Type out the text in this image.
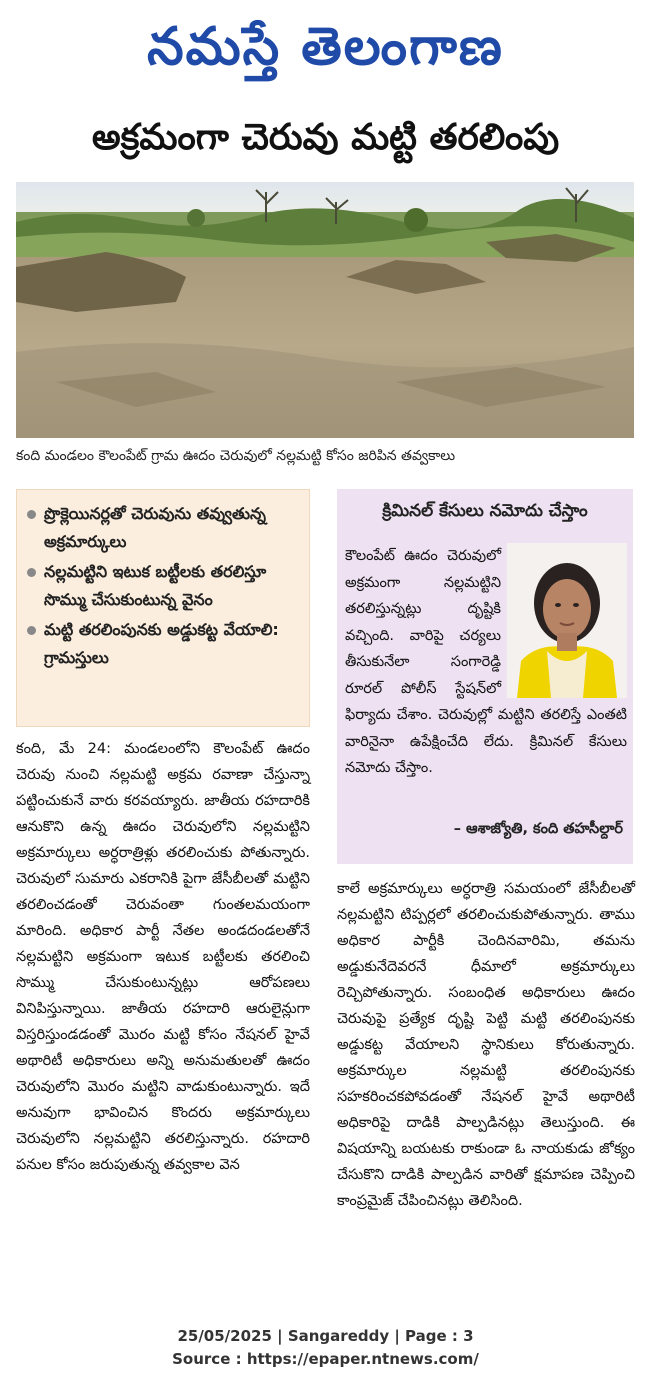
నమస్తే తెలంగాణ
అక్రమంగా చెరువు మట్టి తరలింపు
కంది మండలం కౌలంపేట్ గ్రామ ఊదం చెరువులో నల్లమట్టి కోసం జరిపిన తవ్వకాలు
ప్రొక్లెయినర్లతో చెరువును తవ్వుతున్న అక్రమార్కులు
నల్లమట్టిని ఇటుక బట్టీలకు తరలిస్తూ సొమ్ము చేసుకుంటున్న వైనం
మట్టి తరలింపునకు అడ్డుకట్ట వేయాలి: గ్రామస్తులు
కంది, మే 24: మండలంలోని కౌలంపేట్ ఊదం చెరువు నుంచి నల్లమట్టి అక్రమ రవాణా చేస్తున్నా పట్టించుకునే వారు కరవయ్యారు. జాతీయ రహదారికి ఆనుకొని ఉన్న ఊదం చెరువులోని నల్లమట్టిని అక్రమార్కులు అర్ధరాత్రిళ్లు తరలించుకు పోతున్నారు. చెరువులో సుమారు ఎకరానికి పైగా జేసీబీలతో మట్టిని తరలించడంతో చెరువంతా గుంతలమయంగా మారింది. అధికార పార్టీ నేతల అండదండలతోనే నల్లమట్టిని అక్రమంగా ఇటుక బట్టీలకు తరలించి సొమ్ము చేసుకుంటున్నట్లు ఆరోపణలు వినిపిస్తున్నాయి. జాతీయ రహదారి ఆరులైన్లుగా విస్తరిస్తుండడంతో మొరం మట్టి కోసం నేషనల్ హైవే అథారిటీ అధికారులు అన్ని అనుమతులతో ఊదం చెరువులోని మొరం మట్టిని వాడుకుంటున్నారు. ఇదే అనువుగా భావించిన కొందరు అక్రమార్కులు చెరువులోని నల్లమట్టిని తరలిస్తున్నారు. రహదారి పనుల కోసం జరుపుతున్న తవ్వకాల వెన
క్రిమినల్ కేసులు నమోదు చేస్తాం
కౌలంపేట్ ఊదం చెరువులో అక్రమంగా నల్లమట్టిని తరలిస్తున్నట్లు దృష్టికి వచ్చింది. వారిపై చర్యలు తీసుకునేలా సంగారెడ్డి రూరల్ పోలీస్ స్టేషన్‌లో ఫిర్యాదు చేశాం. చెరువుల్లో మట్టిని తరలిస్తే ఎంతటి వారినైనా ఉపేక్షించేది లేదు. క్రిమినల్ కేసులు నమోదు చేస్తాం.
– ఆశాజ్యోతి, కంది తహసీల్దార్
కాలే అక్రమార్కులు అర్ధరాత్రి సమయంలో జేసీబీలతో నల్లమట్టిని టిప్పర్లలో తరలించుకుపోతున్నారు. తాము అధికార పార్టీకి చెందినవారిమి, తమను అడ్డుకునేదెవరనే ధీమాలో అక్రమార్కులు రెచ్చిపోతున్నారు. సంబంధిత అధికారులు ఊదం చెరువుపై ప్రత్యేక దృష్టి పెట్టి మట్టి తరలింపునకు అడ్డుకట్ట వేయాలని స్థానికులు కోరుతున్నారు. అక్రమార్కుల నల్లమట్టి తరలింపునకు సహకరించకపోవడంతో నేషనల్ హైవే అథారిటీ అధికారిపై దాడికి పాల్పడినట్లు తెలుస్తుంది. ఈ విషయాన్ని బయటకు రాకుండా ఓ నాయకుడు జోక్యం చేసుకొని దాడికి పాల్పడిన వారితో క్షమాపణ చెప్పించి కాంప్రమైజ్ చేపించినట్లు తెలిసింది.
25/05/2025 | Sangareddy | Page : 3
Source : https://epaper.ntnews.com/
